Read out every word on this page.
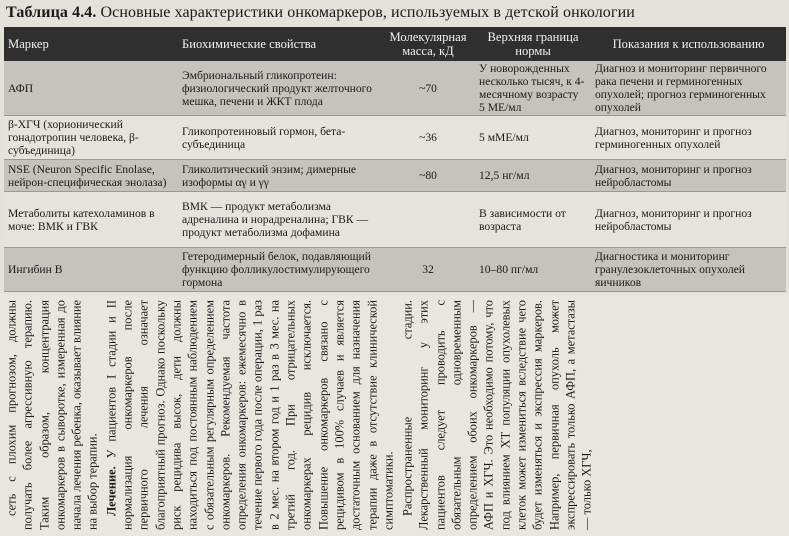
Таблица 4.4. Основные характеристики онкомаркеров, используемых в детской онкологии
Маркер	Биохимические свойства	Молекулярная масса, кД	Верхняя граница нормы	Показания к использованию
АФП	Эмбриональный гликопротеин: физиологический продукт желточного мешка, печени и ЖКТ плода	~70	У новорожденных несколько тысяч, к 4-месячному возрасту 5 МЕ/мл	Диагноз и мониторинг первичного рака печени и герминогенных опухолей; прогноз герминогенных опухолей
β-ХГЧ (хорионический гонадотропин человека, β- субъединица)	Гликопротеиновый гормон, бета-субъединица	~36	5 мМЕ/мл	Диагноз, мониторинг и прогноз герминогенных опухолей
NSE (Neuron Specific Enolase, нейрон-специфическая энолаза)	Гликолитический энзим; димерные изоформы αγ и γγ	~80	12,5 нг/мл	Диагноз, мониторинг и прогноз нейробластомы
Метаболиты катехоламинов в моче: ВМК и ГВК	ВМК — продукт метаболизма адреналина и норадреналина; ГВК — продукт метаболизма дофамина		В зависимости от возраста	Диагноз, мониторинг и прогноз нейробластомы
Ингибин В	Гетеродимерный белок, подавляющий функцию фолликулостимулирующего гормона	32	10–80 пг/мл	Диагностика и мониторинг гранулезоклеточных опухолей яичников

сеть с плохим прогнозом, должны получать более агрессивную терапию. Таким образом, концентрация онкомаркеров в сыворотке, измеренная до начала лечения ребенка, оказывает влияние на выбор терапии. Лечение. У пациентов I стадии и II нормализация онкомаркеров после первичного лечения означает благоприятный прогноз. Однако поскольку риск рецидива высок, дети должны находиться под постоянным наблюдением с обязательным регулярным определением онкомаркеров. Рекомендуемая частота определения онкомаркеров: ежемесячно в течение первого года после операции, 1 раз в 2 мес. на втором год и 1 раз в 3 мес. на третий год. При отрицательных онкомаркерах рецидив исключается. Повышение онкомаркеров связано с рецидивом в 100% случаев и является достаточным основанием для назначения терапии даже в отсутствие клинической симптоматики. Распространенные стадии. Лекарственный мониторинг у этих пациентов следует проводить с обязательным одновременным определением обоих онкомаркеров — АФП и ХГЧ. Это необходимо потому, что под влиянием ХТ популяции опухолевых клеток может измениться вследствие чего будет изменяться и экспрессия маркеров. Например, первичная опухоль может экспрессировать только АФП, а метастазы — только ХГЧ,
